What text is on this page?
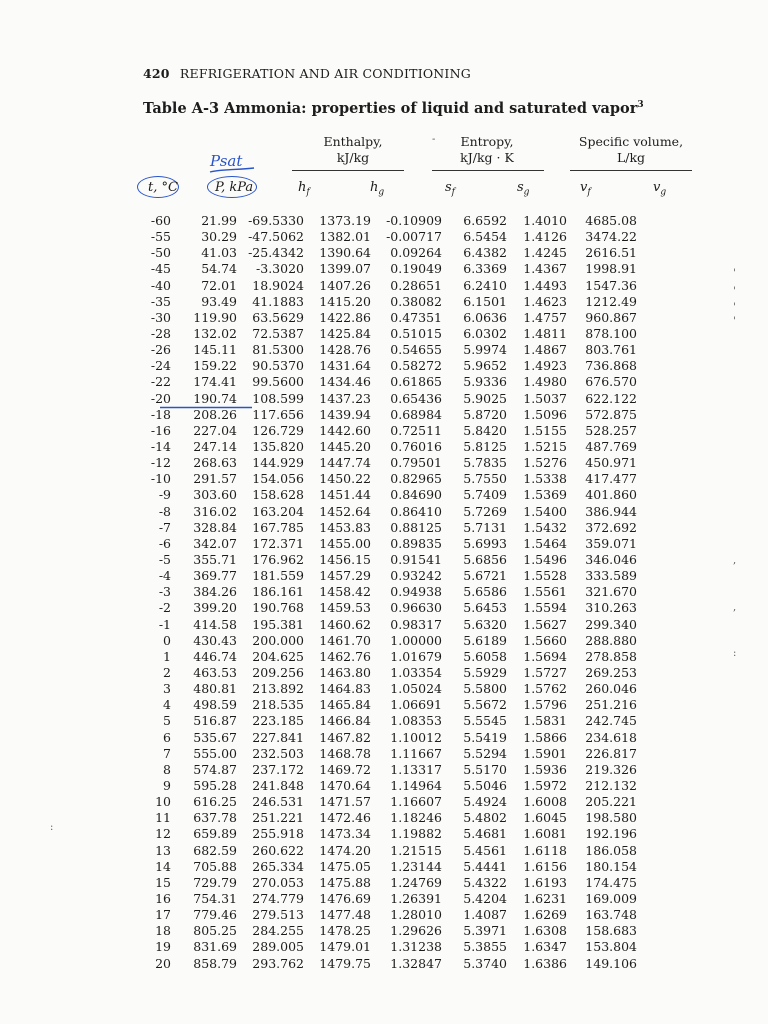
420 REFRIGERATION AND AIR CONDITIONING
Table A-3 Ammonia: properties of liquid and saturated vapor$^3$
Enthalpy,
kJ/kg
Entropy,
kJ/kg · K
-	Specific volume,
L/kg
Psat
t, °C	P, kPa	$h_f$	$h_g$	$s_f$	$s_g$	$v_f$	$v_g$
-60	21.99	-69.5330	1373.19	-0.10909	6.6592	1.4010	4685.08
-55	30.29	-47.5062	1382.01	-0.00717	6.5454	1.4126	3474.22
-50	41.03	-25.4342	1390.64	0.09264	6.4382	1.4245	2616.51
-45	54.74	-3.3020	1399.07	0.19049	6.3369	1.4367	1998.91
-40	72.01	18.9024	1407.26	0.28651	6.2410	1.4493	1547.36
-35	93.49	41.1883	1415.20	0.38082	6.1501	1.4623	1212.49
-30	119.90	63.5629	1422.86	0.47351	6.0636	1.4757	960.867
-28	132.02	72.5387	1425.84	0.51015	6.0302	1.4811	878.100
-26	145.11	81.5300	1428.76	0.54655	5.9974	1.4867	803.761
-24	159.22	90.5370	1431.64	0.58272	5.9652	1.4923	736.868
-22	174.41	99.5600	1434.46	0.61865	5.9336	1.4980	676.570
-20	190.74	108.599	1437.23	0.65436	5.9025	1.5037	622.122
-18	208.26	117.656	1439.94	0.68984	5.8720	1.5096	572.875
-16	227.04	126.729	1442.60	0.72511	5.8420	1.5155	528.257
-14	247.14	135.820	1445.20	0.76016	5.8125	1.5215	487.769
-12	268.63	144.929	1447.74	0.79501	5.7835	1.5276	450.971
-10	291.57	154.056	1450.22	0.82965	5.7550	1.5338	417.477
-9	303.60	158.628	1451.44	0.84690	5.7409	1.5369	401.860
-8	316.02	163.204	1452.64	0.86410	5.7269	1.5400	386.944
-7	328.84	167.785	1453.83	0.88125	5.7131	1.5432	372.692
-6	342.07	172.371	1455.00	0.89835	5.6993	1.5464	359.071
-5	355.71	176.962	1456.15	0.91541	5.6856	1.5496	346.046
-4	369.77	181.559	1457.29	0.93242	5.6721	1.5528	333.589
-3	384.26	186.161	1458.42	0.94938	5.6586	1.5561	321.670
-2	399.20	190.768	1459.53	0.96630	5.6453	1.5594	310.263
-1	414.58	195.381	1460.62	0.98317	5.6320	1.5627	299.340
0	430.43	200.000	1461.70	1.00000	5.6189	1.5660	288.880
1	446.74	204.625	1462.76	1.01679	5.6058	1.5694	278.858
2	463.53	209.256	1463.80	1.03354	5.5929	1.5727	269.253
3	480.81	213.892	1464.83	1.05024	5.5800	1.5762	260.046
4	498.59	218.535	1465.84	1.06691	5.5672	1.5796	251.216
5	516.87	223.185	1466.84	1.08353	5.5545	1.5831	242.745
6	535.67	227.841	1467.82	1.10012	5.5419	1.5866	234.618
7	555.00	232.503	1468.78	1.11667	5.5294	1.5901	226.817
8	574.87	237.172	1469.72	1.13317	5.5170	1.5936	219.326
9	595.28	241.848	1470.64	1.14964	5.5046	1.5972	212.132
10	616.25	246.531	1471.57	1.16607	5.4924	1.6008	205.221
11	637.78	251.221	1472.46	1.18246	5.4802	1.6045	198.580
12	659.89	255.918	1473.34	1.19882	5.4681	1.6081	192.196
13	682.59	260.622	1474.20	1.21515	5.4561	1.6118	186.058
14	705.88	265.334	1475.05	1.23144	5.4441	1.6156	180.154
15	729.79	270.053	1475.88	1.24769	5.4322	1.6193	174.475
16	754.31	274.779	1476.69	1.26391	5.4204	1.6231	169.009
17	779.46	279.513	1477.48	1.28010	1.4087	1.6269	163.748
18	805.25	284.255	1478.25	1.29626	5.3971	1.6308	158.683
19	831.69	289.005	1479.01	1.31238	5.3855	1.6347	153.804
20	858.79	293.762	1479.75	1.32847	5.3740	1.6386	149.106
'
'
'
'
,
,
:
:
